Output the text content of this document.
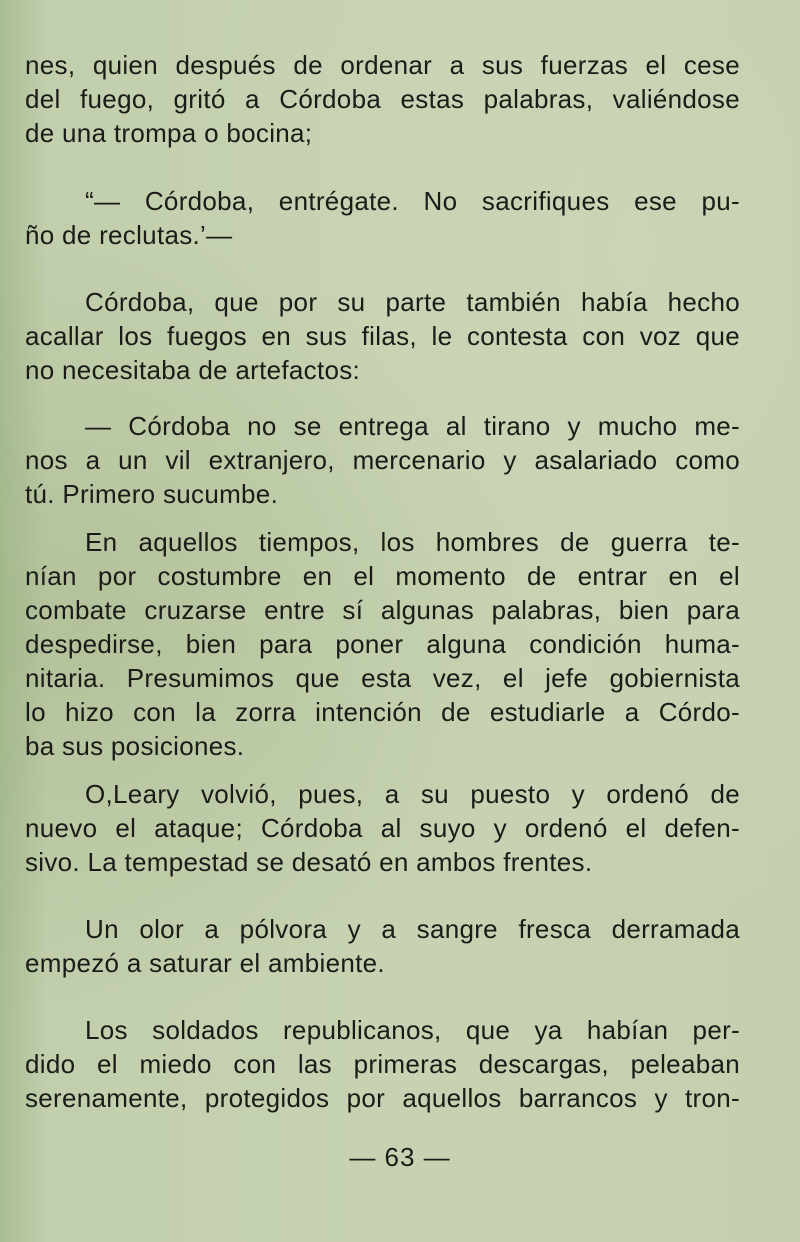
nes, quien después de ordenar a sus fuerzas el cese
del fuego, gritó a Córdoba estas palabras, valiéndose
de una trompa o bocina;

“— Córdoba, entrégate. No sacrifiques ese pu-
ño de reclutas.’—

Córdoba, que por su parte también había hecho
acallar los fuegos en sus filas, le contesta con voz que
no necesitaba de artefactos:

— Córdoba no se entrega al tirano y mucho me-
nos a un vil extranjero, mercenario y asalariado como
tú. Primero sucumbe.

En aquellos tiempos, los hombres de guerra te-
nían por costumbre en el momento de entrar en el
combate cruzarse entre sí algunas palabras, bien para
despedirse, bien para poner alguna condición huma-
nitaria. Presumimos que esta vez, el jefe gobiernista
lo hizo con la zorra intención de estudiarle a Córdo-
ba sus posiciones.

O,Leary volvió, pues, a su puesto y ordenó de
nuevo el ataque; Córdoba al suyo y ordenó el defen-
sivo. La tempestad se desató en ambos frentes.

Un olor a pólvora y a sangre fresca derramada
empezó a saturar el ambiente.

Los soldados republicanos, que ya habían per-
dido el miedo con las primeras descargas, peleaban
serenamente, protegidos por aquellos barrancos y tron-

— 63 —
